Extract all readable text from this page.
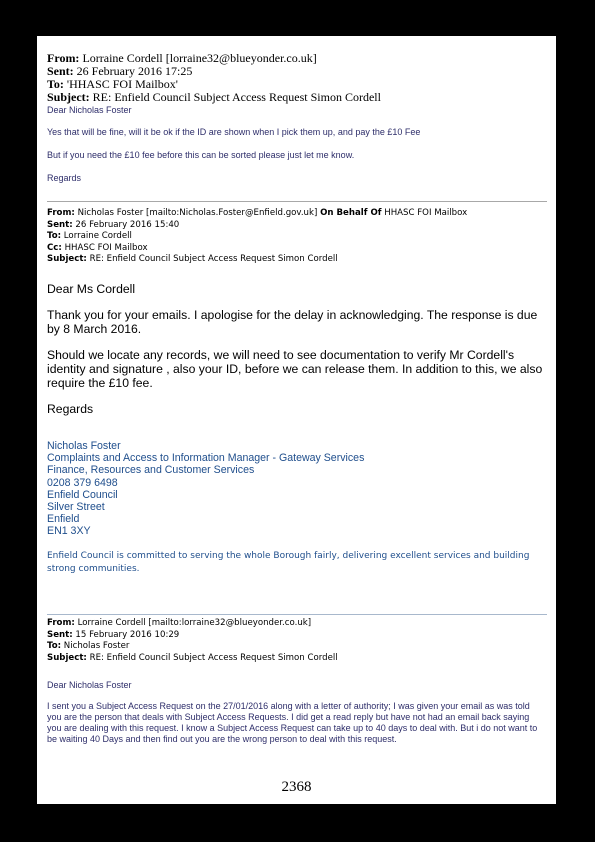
From: Lorraine Cordell [lorraine32@blueyonder.co.uk]
Sent: 26 February 2016 17:25
To: 'HHASC FOI Mailbox'
Subject: RE: Enfield Council Subject Access Request Simon Cordell
Dear Nicholas Foster
Yes that will be fine, will it be ok if the ID are shown when I pick them up, and pay the £10 Fee
But if you need the £10 fee before this can be sorted please just let me know.
Regards
From: Nicholas Foster [mailto:Nicholas.Foster@Enfield.gov.uk] On Behalf Of HHASC FOI Mailbox
Sent: 26 February 2016 15:40
To: Lorraine Cordell
Cc: HHASC FOI Mailbox
Subject: RE: Enfield Council Subject Access Request Simon Cordell
Dear Ms Cordell
Thank you for your emails. I apologise for the delay in acknowledging. The response is due by 8 March 2016.
Should we locate any records, we will need to see documentation to verify Mr Cordell's identity and signature , also your ID, before we can release them. In addition to this, we also require the £10 fee.
Regards
Nicholas Foster
Complaints and Access to Information Manager - Gateway Services
Finance, Resources and Customer Services
0208 379 6498
Enfield Council
Silver Street
Enfield
EN1 3XY
Enfield Council is committed to serving the whole Borough fairly, delivering excellent services and building strong communities.
From: Lorraine Cordell [mailto:lorraine32@blueyonder.co.uk]
Sent: 15 February 2016 10:29
To: Nicholas Foster
Subject: RE: Enfield Council Subject Access Request Simon Cordell
Dear Nicholas Foster
I sent you a Subject Access Request on the 27/01/2016 along with a letter of authority; I was given your email as was told you are the person that deals with Subject Access Requests. I did get a read reply but have not had an email back saying you are dealing with this request. I know a Subject Access Request can take up to 40 days to deal with. But i do not want to be waiting 40 Days and then find out you are the wrong person to deal with this request.
2368
